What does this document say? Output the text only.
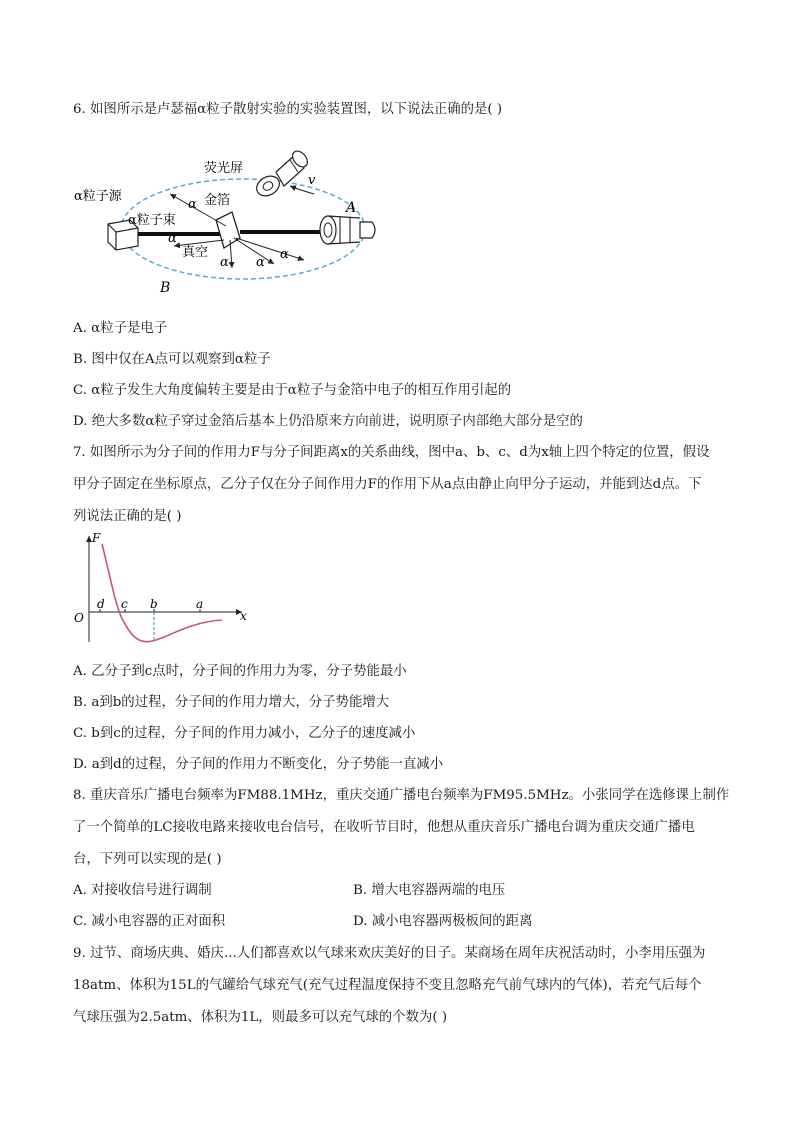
6. 如图所示是卢瑟福α粒子散射实验的实验装置图，以下说法正确的是( )
荧光屏
α粒子源	金箔
α粒子束
真空
A
B
v
α
α
α α
α
A. α粒子是电子
B. 图中仅在A点可以观察到α粒子
C. α粒子发生大角度偏转主要是由于α粒子与金箔中电子的相互作用引起的
D. 绝大多数α粒子穿过金箔后基本上仍沿原来方向前进，说明原子内部绝大部分是空的
7. 如图所示为分子间的作用力F与分子间距离x的关系曲线，图中a、b、c、d为x轴上四个特定的位置，假设
甲分子固定在坐标原点，乙分子仅在分子间作用力F的作用下从a点由静止向甲分子运动，并能到达d点。下
列说法正确的是( )
F
x
O
d c b	a
A. 乙分子到c点时，分子间的作用力为零，分子势能最小
B. a到b的过程，分子间的作用力增大，分子势能增大
C. b到c的过程，分子间的作用力减小，乙分子的速度减小
D. a到d的过程，分子间的作用力不断变化，分子势能一直减小
8. 重庆音乐广播电台频率为FM88.1MHz，重庆交通广播电台频率为FM95.5MHz。小张同学在选修课上制作
了一个简单的LC接收电路来接收电台信号，在收听节目时，他想从重庆音乐广播电台调为重庆交通广播电
台，下列可以实现的是( )
A. 对接收信号进行调制	B. 增大电容器两端的电压
C. 减小电容器的正对面积	D. 减小电容器两极板间的距离
9. 过节、商场庆典、婚庆...人们都喜欢以气球来欢庆美好的日子。某商场在周年庆祝活动时，小李用压强为
18atm、体积为15L的气罐给气球充气(充气过程温度保持不变且忽略充气前气球内的气体)，若充气后每个
气球压强为2.5atm、体积为1L，则最多可以充气球的个数为( )
